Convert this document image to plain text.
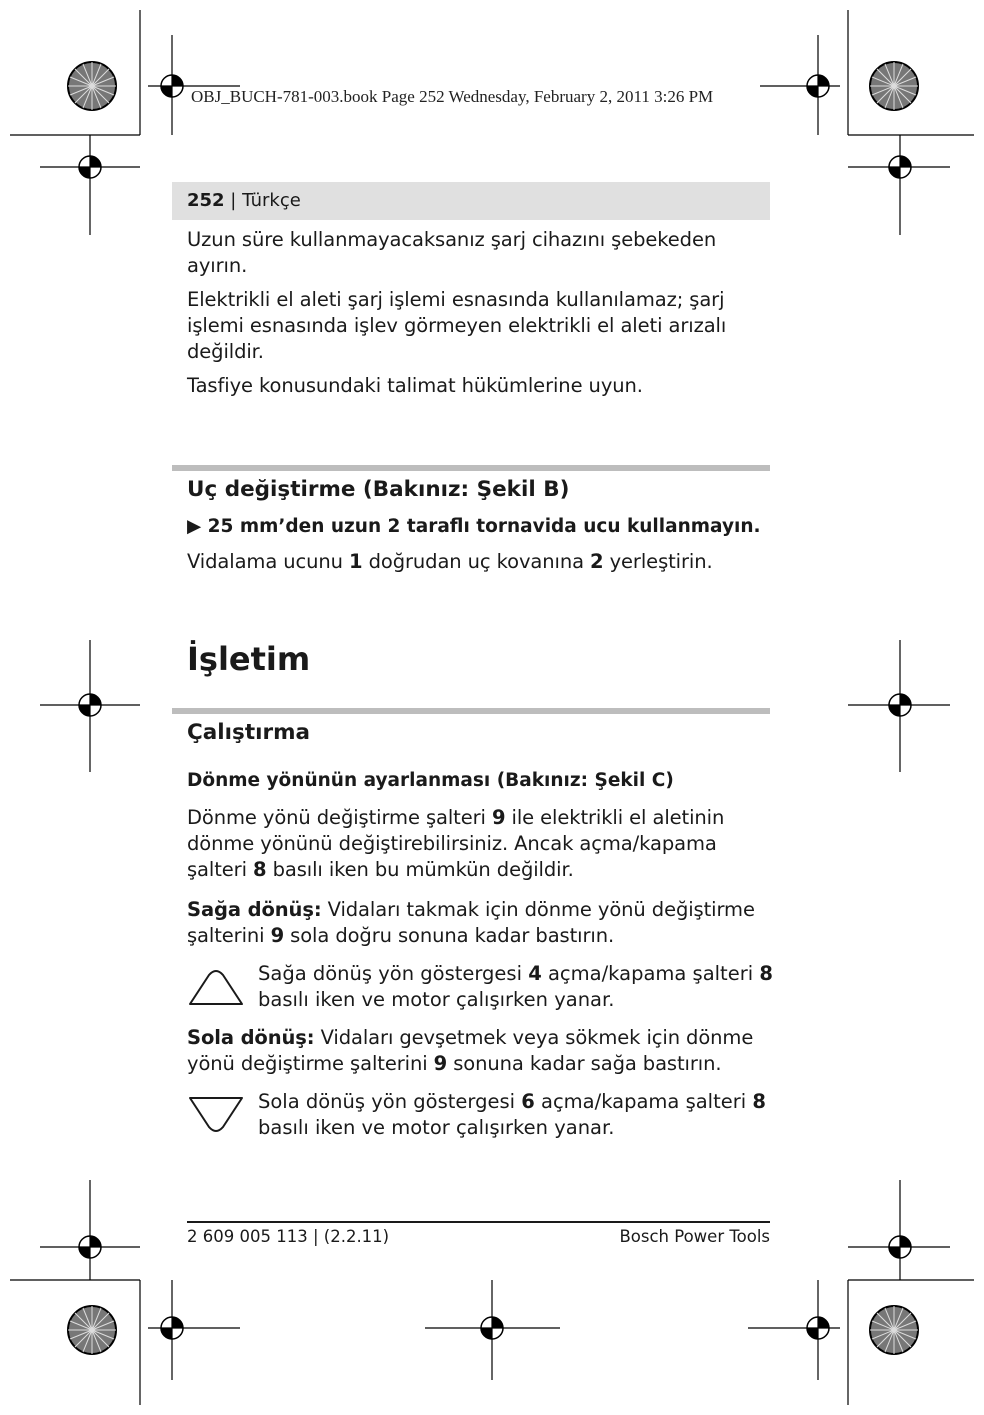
OBJ_BUCH-781-003.book Page 252 Wednesday, February 2, 2011 3:26 PM
252 | Türkçe

Uzun süre kullanmayacaksanız şarj cihazını şebekeden ayırın.

Elektrikli el aleti şarj işlemi esnasında kullanılamaz; şarj işlemi esnasında işlev görmeyen elektrikli el aleti arızalı değildir.

Tasfiye konusundaki talimat hükümlerine uyun.

Uç değiştirme (Bakınız: Şekil B)
▶ 25 mm’den uzun 2 taraflı tornavida ucu kullanmayın.

Vidalama ucunu 1 doğrudan uç kovanına 2 yerleştirin.

İşletim
Çalıştırma
Dönme yönünün ayarlanması (Bakınız: Şekil C)

Dönme yönü değiştirme şalteri 9 ile elektrikli el aletinin dönme yönünü değiştirebilirsiniz. Ancak açma/kapama şalteri 8 basılı iken bu mümkün değildir.

Sağa dönüş: Vidaları takmak için dönme yönü değiştirme şalterini 9 sola doğru sonuna kadar bastırın.

Sağa dönüş yön göstergesi 4 açma/kapama şalteri 8 basılı iken ve motor çalışırken yanar.

Sola dönüş: Vidaları gevşetmek veya sökmek için dönme yönü değiştirme şalterini 9 sonuna kadar sağa bastırın.

Sola dönüş yön göstergesi 6 açma/kapama şalteri 8 basılı iken ve motor çalışırken yanar.

2 609 005 113 | (2.2.11)	Bosch Power Tools
